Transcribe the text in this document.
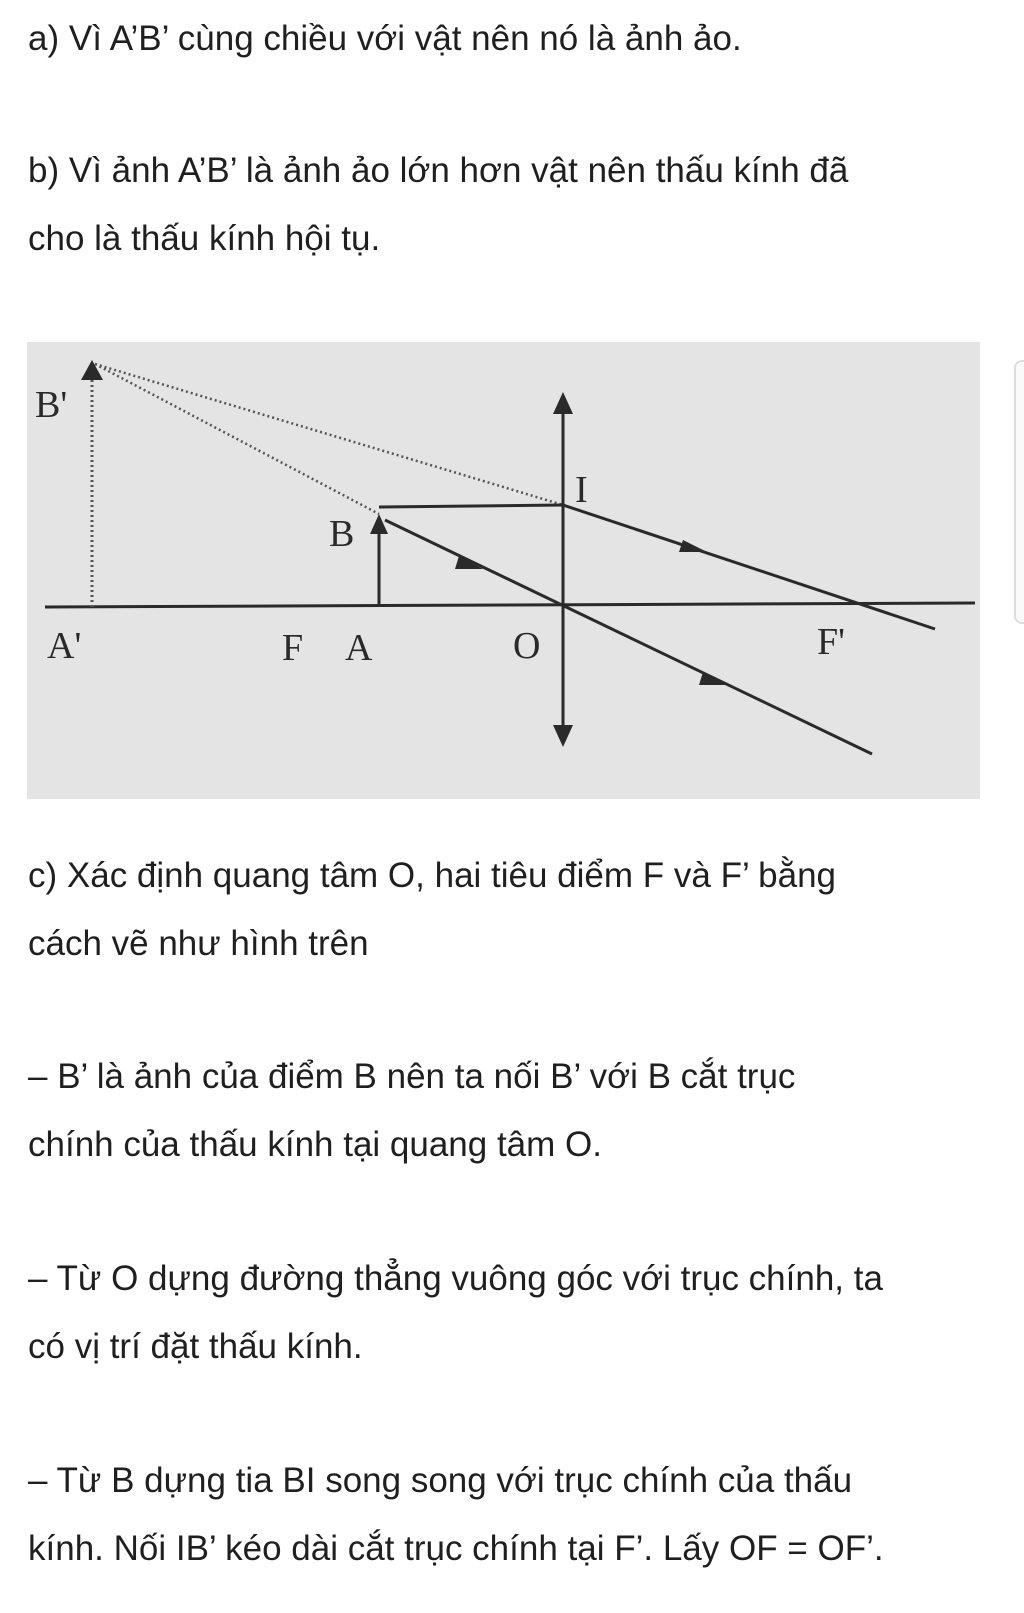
a) Vì A’B’ cùng chiều với vật nên nó là ảnh ảo.

b) Vì ảnh A’B’ là ảnh ảo lớn hơn vật nên thấu kính đã
cho là thấu kính hội tụ.

B'
I
B
A'	F A	O	F'

c) Xác định quang tâm O, hai tiêu điểm F và F’ bằng
cách vẽ như hình trên

– B’ là ảnh của điểm B nên ta nối B’ với B cắt trục
chính của thấu kính tại quang tâm O.

– Từ O dựng đường thẳng vuông góc với trục chính, ta
có vị trí đặt thấu kính.

– Từ B dựng tia BI song song với trục chính của thấu
kính. Nối IB’ kéo dài cắt trục chính tại F’. Lấy OF = OF’.
